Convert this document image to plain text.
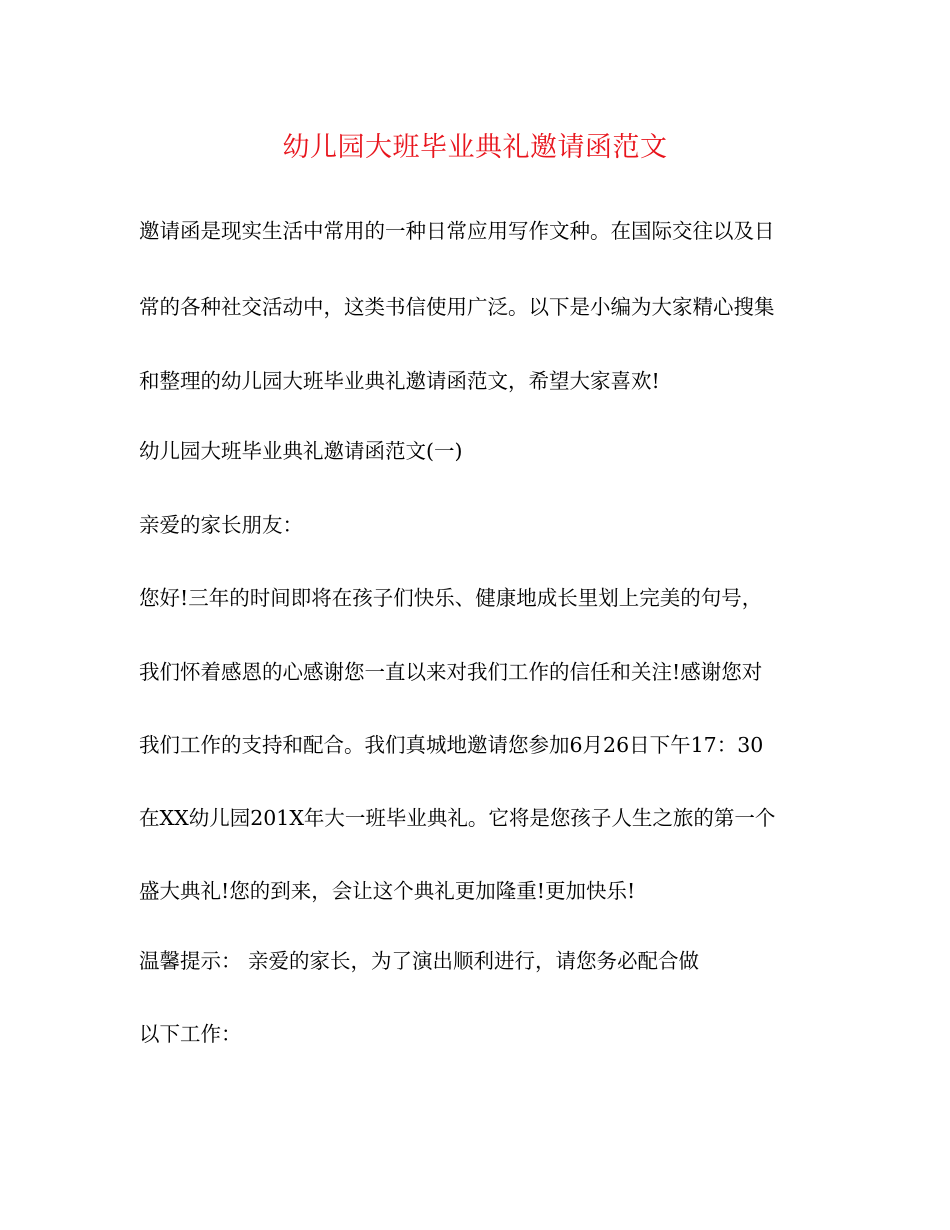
幼儿园大班毕业典礼邀请函范文
邀请函是现实生活中常用的一种日常应用写作文种。在国际交往以及日
常的各种社交活动中，这类书信使用广泛。以下是小编为大家精心搜集
和整理的幼儿园大班毕业典礼邀请函范文，希望大家喜欢!
幼儿园大班毕业典礼邀请函范文(一)
亲爱的家长朋友：
您好!三年的时间即将在孩子们快乐、健康地成长里划上完美的句号，
我们怀着感恩的心感谢您一直以来对我们工作的信任和关注!感谢您对
我们工作的支持和配合。我们真城地邀请您参加6月26日下午17：30
在XX幼儿园201X年大一班毕业典礼。它将是您孩子人生之旅的第一个
盛大典礼!您的到来，会让这个典礼更加隆重!更加快乐!
温馨提示： 亲爱的家长，为了演出顺利进行，请您务必配合做
以下工作：
